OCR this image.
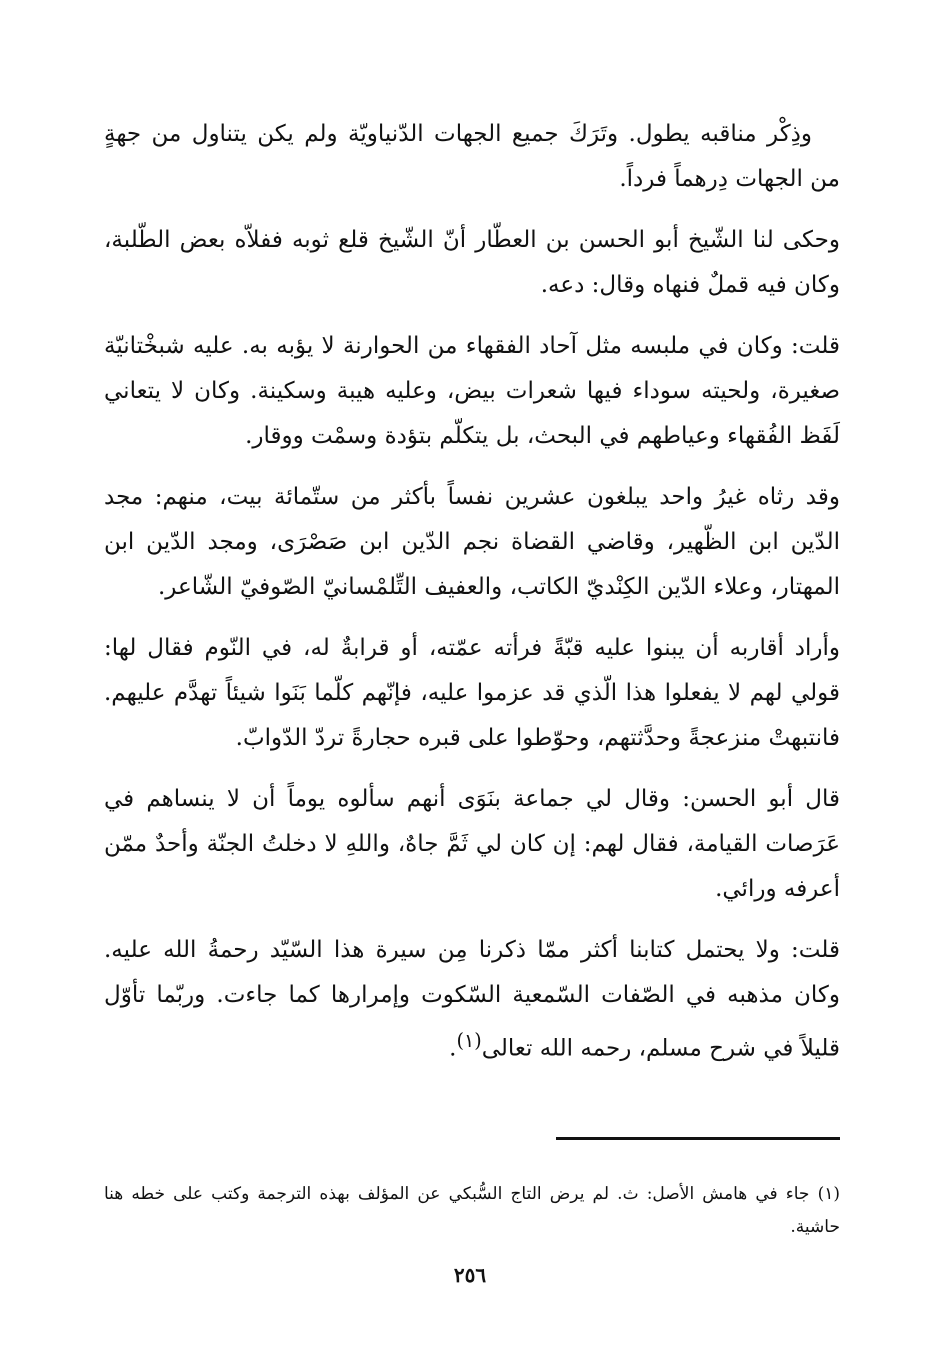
وذِكْر مناقبه يطول. وتَرَكَ جميع الجهات الدّنياويّة ولم يكن يتناول من جهةٍ من الجهات دِرهماً فرداً.

وحكى لنا الشّيخ أبو الحسن بن العطّار أنّ الشّيخ قلع ثوبه ففلاّه بعض الطّلبة، وكان فيه قملٌ فنهاه وقال: دعه.

قلت: وكان في ملبسه مثل آحاد الفقهاء من الحوارنة لا يؤبه به. عليه شبخْتانيّة صغيرة، ولحيته سوداء فيها شعرات بيض، وعليه هيبة وسكينة. وكان لا يتعاني لَفَظ الفُقهاء وعياطهم في البحث، بل يتكلّم بتؤدة وسمْت ووقار.

وقد رثاه غيرُ واحد يبلغون عشرين نفساً بأكثر من ستّمائة بيت، منهم: مجد الدّين ابن الظّهير، وقاضي القضاة نجم الدّين ابن صَصْرَى، ومجد الدّين ابن المهتار، وعلاء الدّين الكِنْديّ الكاتب، والعفيف التِّلمْسانيّ الصّوفيّ الشّاعر.

وأراد أقاربه أن يبنوا عليه قبّةً فرأته عمّته، أو قرابةٌ له، في النّوم فقال لها: قولي لهم لا يفعلوا هذا الّذي قد عزموا عليه، فإنّهم كلّما بَنَوا شيئاً تهدَّم عليهم. فانتبهتْ منزعجةً وحدَّثتهم، وحوّطوا على قبره حجارةً تردّ الدّوابّ.

قال أبو الحسن: وقال لي جماعة بنَوَى أنهم سألوه يوماً أن لا ينساهم في عَرَصات القيامة، فقال لهم: إن كان لي ثَمَّ جاهٌ، واللهِ لا دخلتُ الجنّة وأحدٌ ممّن أعرفه ورائي.

قلت: ولا يحتمل كتابنا أكثر ممّا ذكرنا مِن سيرة هذا السّيّد رحمةُ الله عليه. وكان مذهبه في الصّفات السّمعية السّكوت وإمرارها كما جاءت. وربّما تأوّل قليلاً في شرح مسلم، رحمه الله تعالى$^{(١)}$.

(١) جاء في هامش الأصل: ث. لم يرض التاج السُّبكي عن المؤلف بهذه الترجمة وكتب على خطه هنا حاشية.
٢٥٦
